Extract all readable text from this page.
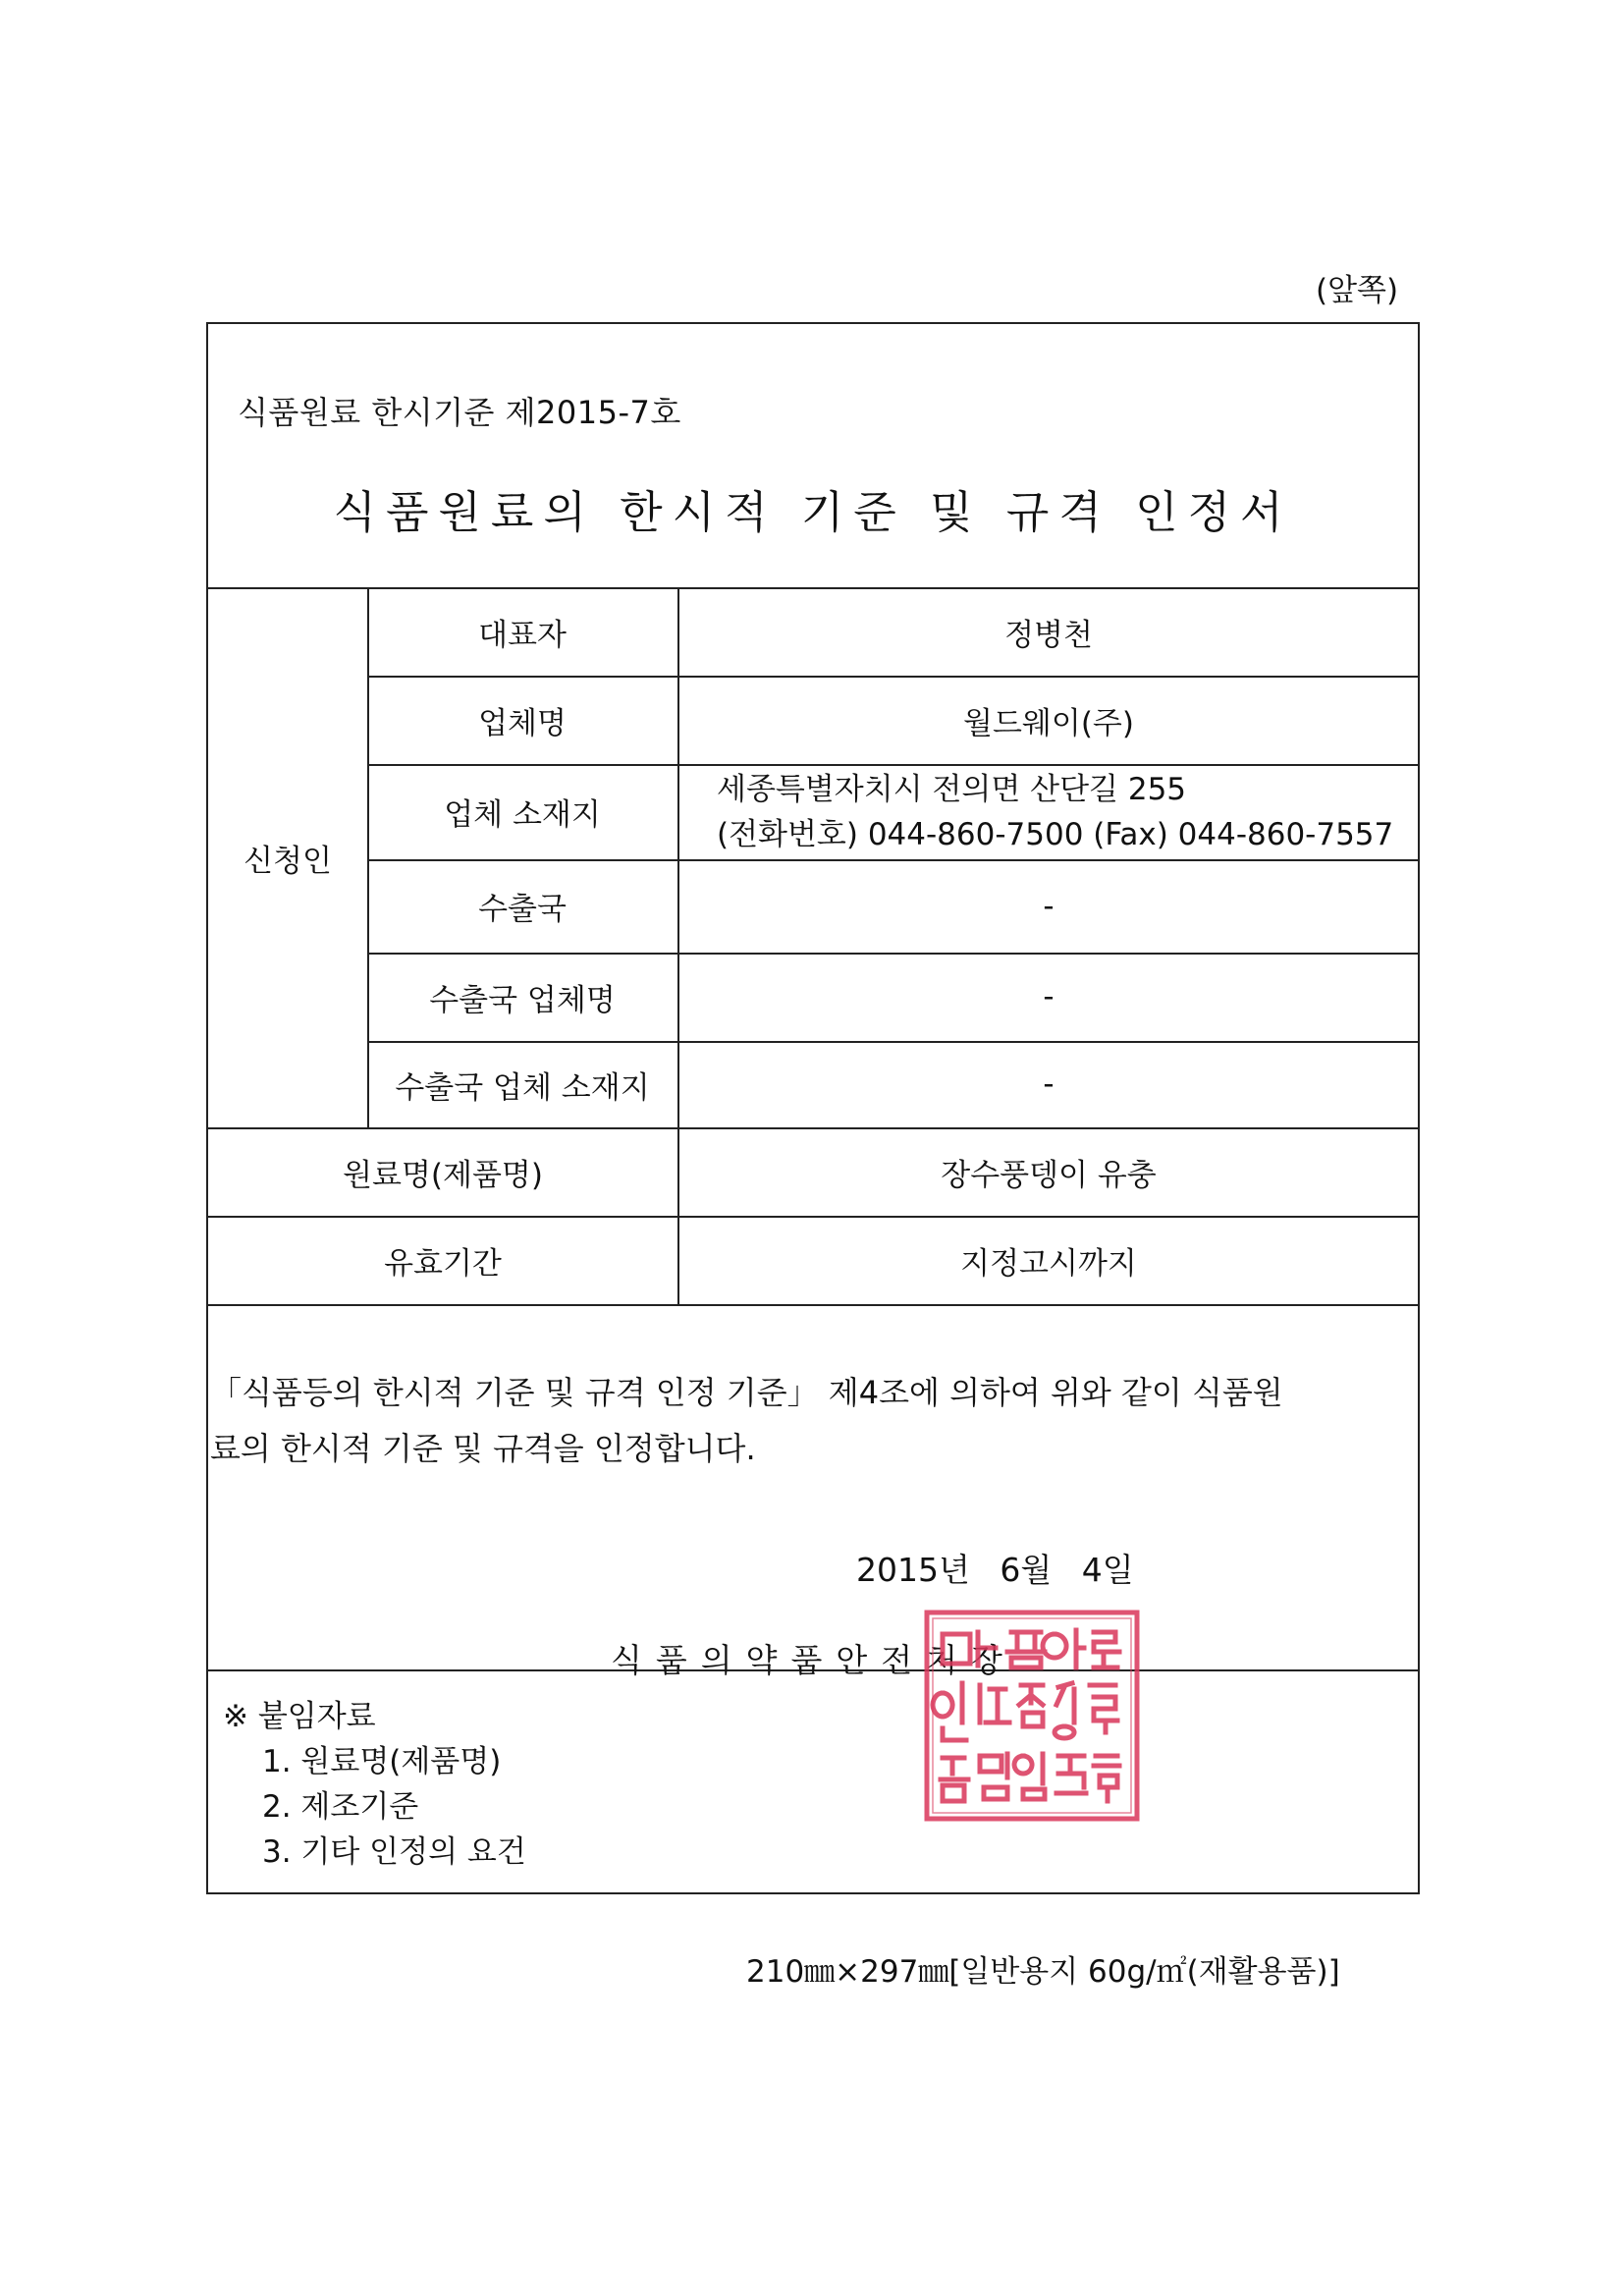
(앞쪽)
식품원료 한시기준 제2015-7호
식품원료의 한시적 기준 및 규격 인정서
신청인
대표자
업체명
업체 소재지
수출국
수출국 업체명
수출국 업체 소재지
정병천
월드웨이(주)
세종특별자치시 전의면 산단길 255
(전화번호) 044-860-7500 (Fax) 044-860-7557
-
-
-
원료명(제품명)	장수풍뎅이 유충
유효기간	지정고시까지
「식품등의 한시적 기준 및 규격 인정 기준」 제4조에 의하여 위와 같이 식품원
료의 한시적 기준 및 규격을 인정합니다.
2015년 6월 4일
식품의약품안전처장
※ 붙임자료
1. 원료명(제품명)
2. 제조기준
3. 기타 인정의 요건
210㎜×297㎜[일반용지 60g/㎡(재활용품)]
